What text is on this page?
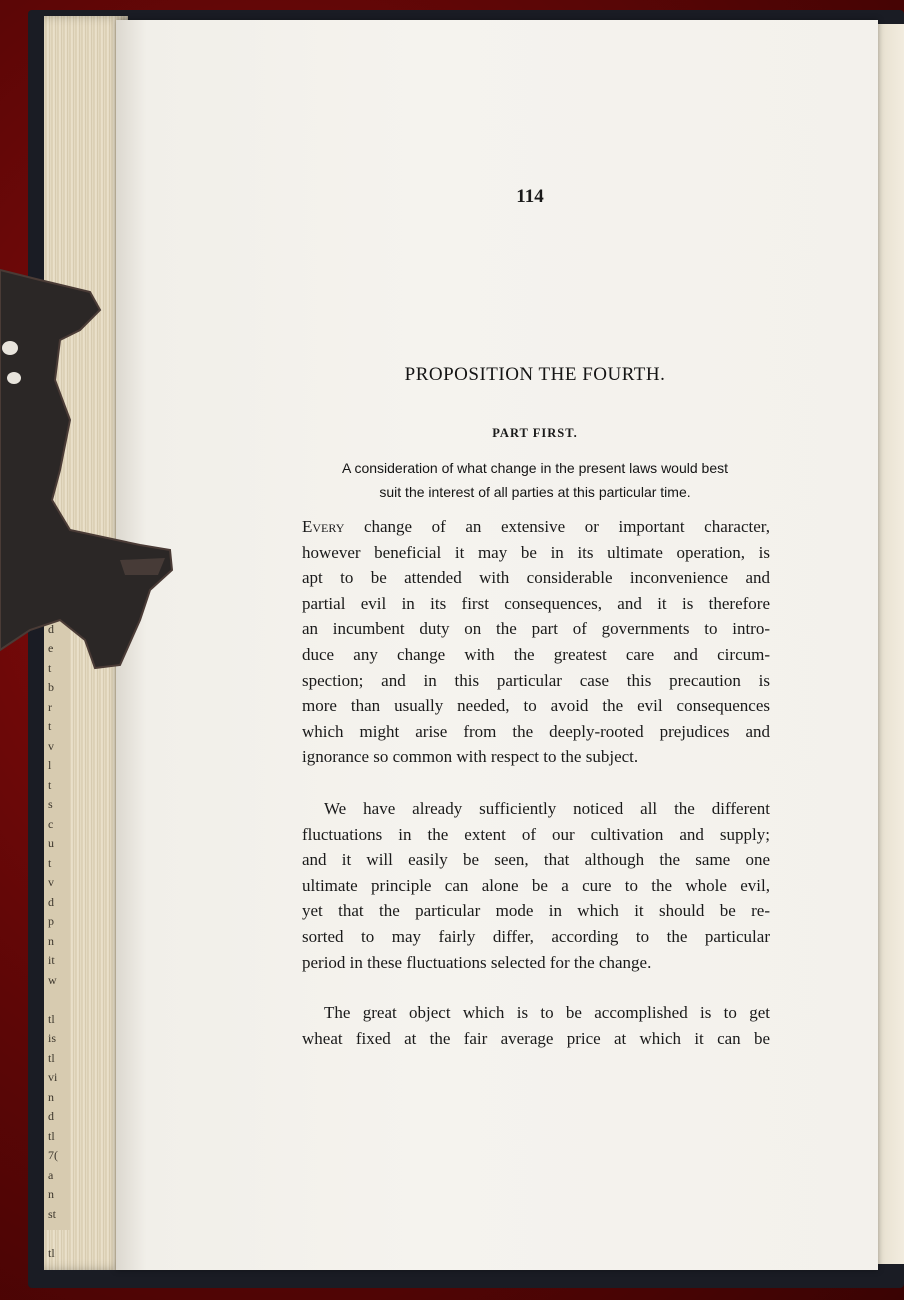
d
e
t
b
r
t
v
l
t
s
c
u
t
v
d
p
n
it
w
tl
is
tl
vi
n
d
tl
7(
a
n
st
tl

114
PROPOSITION THE FOURTH.
PART FIRST.
A consideration of what change in the present laws would best
suit the interest of all parties at this particular time.
Every change of an extensive or important character,
however beneficial it may be in its ultimate operation, is
apt to be attended with considerable inconvenience and
partial evil in its first consequences, and it is therefore
an incumbent duty on the part of governments to intro-
duce any change with the greatest care and circum-
spection; and in this particular case this precaution is
more than usually needed, to avoid the evil consequences
which might arise from the deeply-rooted prejudices and
ignorance so common with respect to the subject.
We have already sufficiently noticed all the different
fluctuations in the extent of our cultivation and supply;
and it will easily be seen, that although the same one
ultimate principle can alone be a cure to the whole evil,
yet that the particular mode in which it should be re-
sorted to may fairly differ, according to the particular
period in these fluctuations selected for the change.
The great object which is to be accomplished is to get
wheat fixed at the fair average price at which it can be
